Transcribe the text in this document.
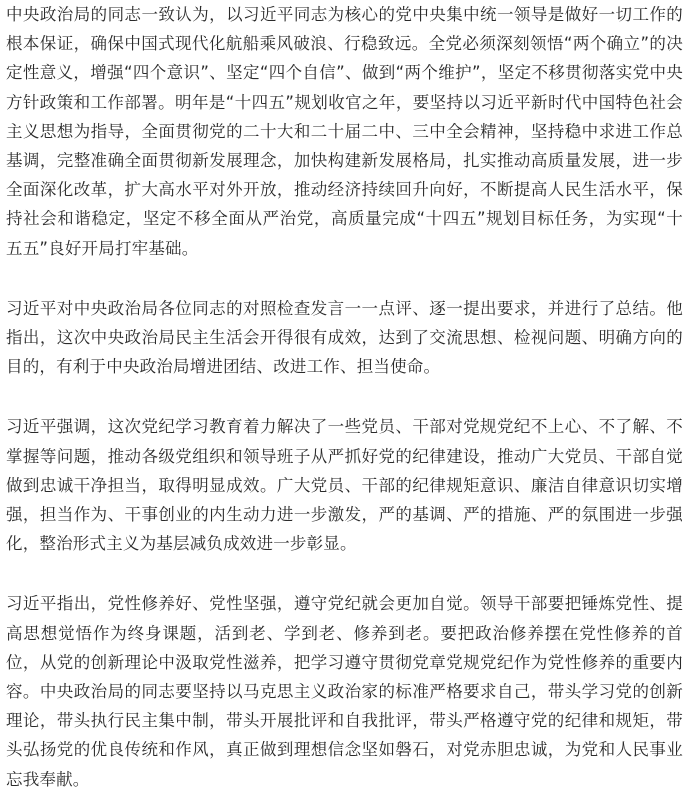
中央政治局的同志一致认为，以习近平同志为核心的党中央集中统一领导是做好一切工作的根本保证，确保中国式现代化航船乘风破浪、行稳致远。全党必须深刻领悟“两个确立”的决定性意义，增强“四个意识”、坚定“四个自信”、做到“两个维护”，坚定不移贯彻落实党中央方针政策和工作部署。明年是“十四五”规划收官之年，要坚持以习近平新时代中国特色社会主义思想为指导，全面贯彻党的二十大和二十届二中、三中全会精神，坚持稳中求进工作总基调，完整准确全面贯彻新发展理念，加快构建新发展格局，扎实推动高质量发展，进一步全面深化改革，扩大高水平对外开放，推动经济持续回升向好，不断提高人民生活水平，保持社会和谐稳定，坚定不移全面从严治党，高质量完成“十四五”规划目标任务，为实现“十五五”良好开局打牢基础。

习近平对中央政治局各位同志的对照检查发言一一点评、逐一提出要求，并进行了总结。他指出，这次中央政治局民主生活会开得很有成效，达到了交流思想、检视问题、明确方向的目的，有利于中央政治局增进团结、改进工作、担当使命。

习近平强调，这次党纪学习教育着力解决了一些党员、干部对党规党纪不上心、不了解、不掌握等问题，推动各级党组织和领导班子从严抓好党的纪律建设，推动广大党员、干部自觉做到忠诚干净担当，取得明显成效。广大党员、干部的纪律规矩意识、廉洁自律意识切实增强，担当作为、干事创业的内生动力进一步激发，严的基调、严的措施、严的氛围进一步强化，整治形式主义为基层减负成效进一步彰显。

习近平指出，党性修养好、党性坚强，遵守党纪就会更加自觉。领导干部要把锤炼党性、提高思想觉悟作为终身课题，活到老、学到老、修养到老。要把政治修养摆在党性修养的首位，从党的创新理论中汲取党性滋养，把学习遵守贯彻党章党规党纪作为党性修养的重要内容。中央政治局的同志要坚持以马克思主义政治家的标准严格要求自己，带头学习党的创新理论，带头执行民主集中制，带头开展批评和自我批评，带头严格遵守党的纪律和规矩，带头弘扬党的优良传统和作风，真正做到理想信念坚如磐石，对党赤胆忠诚，为党和人民事业忘我奉献。
